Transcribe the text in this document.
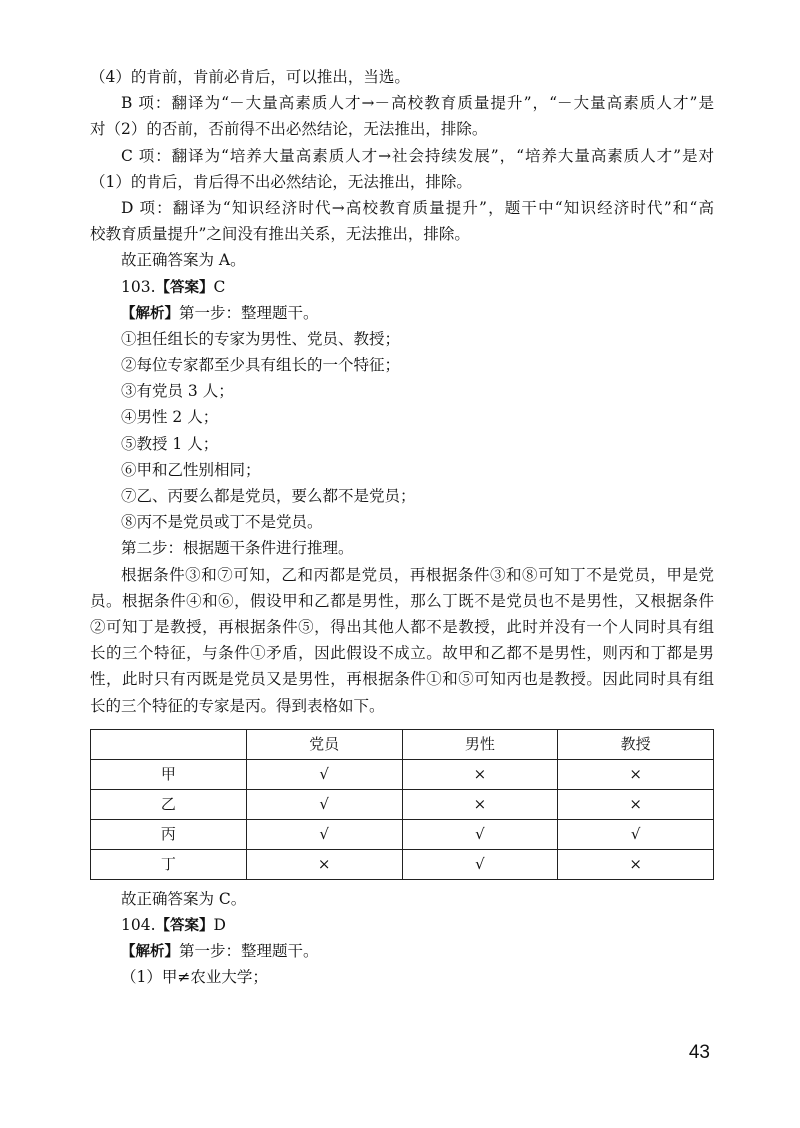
（4）的肯前，肯前必肯后，可以推出，当选。
B 项：翻译为“－大量高素质人才→－高校教育质量提升”，“－大量高素质人才”是
对（2）的否前，否前得不出必然结论，无法推出，排除。
C 项：翻译为“培养大量高素质人才→社会持续发展”，“培养大量高素质人才”是对
（1）的肯后，肯后得不出必然结论，无法推出，排除。
D 项：翻译为“知识经济时代→高校教育质量提升”，题干中“知识经济时代”和“高
校教育质量提升”之间没有推出关系，无法推出，排除。
故正确答案为 A。
103.【答案】C
【解析】第一步：整理题干。
①担任组长的专家为男性、党员、教授；
②每位专家都至少具有组长的一个特征；
③有党员 3 人；
④男性 2 人；
⑤教授 1 人；
⑥甲和乙性别相同；
⑦乙、丙要么都是党员，要么都不是党员；
⑧丙不是党员或丁不是党员。
第二步：根据题干条件进行推理。
根据条件③和⑦可知，乙和丙都是党员，再根据条件③和⑧可知丁不是党员，甲是党
员。根据条件④和⑥，假设甲和乙都是男性，那么丁既不是党员也不是男性，又根据条件
②可知丁是教授，再根据条件⑤，得出其他人都不是教授，此时并没有一个人同时具有组
长的三个特征，与条件①矛盾，因此假设不成立。故甲和乙都不是男性，则丙和丁都是男
性，此时只有丙既是党员又是男性，再根据条件①和⑤可知丙也是教授。因此同时具有组
长的三个特征的专家是丙。得到表格如下。
	党员	男性	教授
甲	√	×	×
乙	√	×	×
丙	√	√	√
丁	×	√	×
故正确答案为 C。
104.【答案】D
【解析】第一步：整理题干。
（1）甲≠农业大学；
43
